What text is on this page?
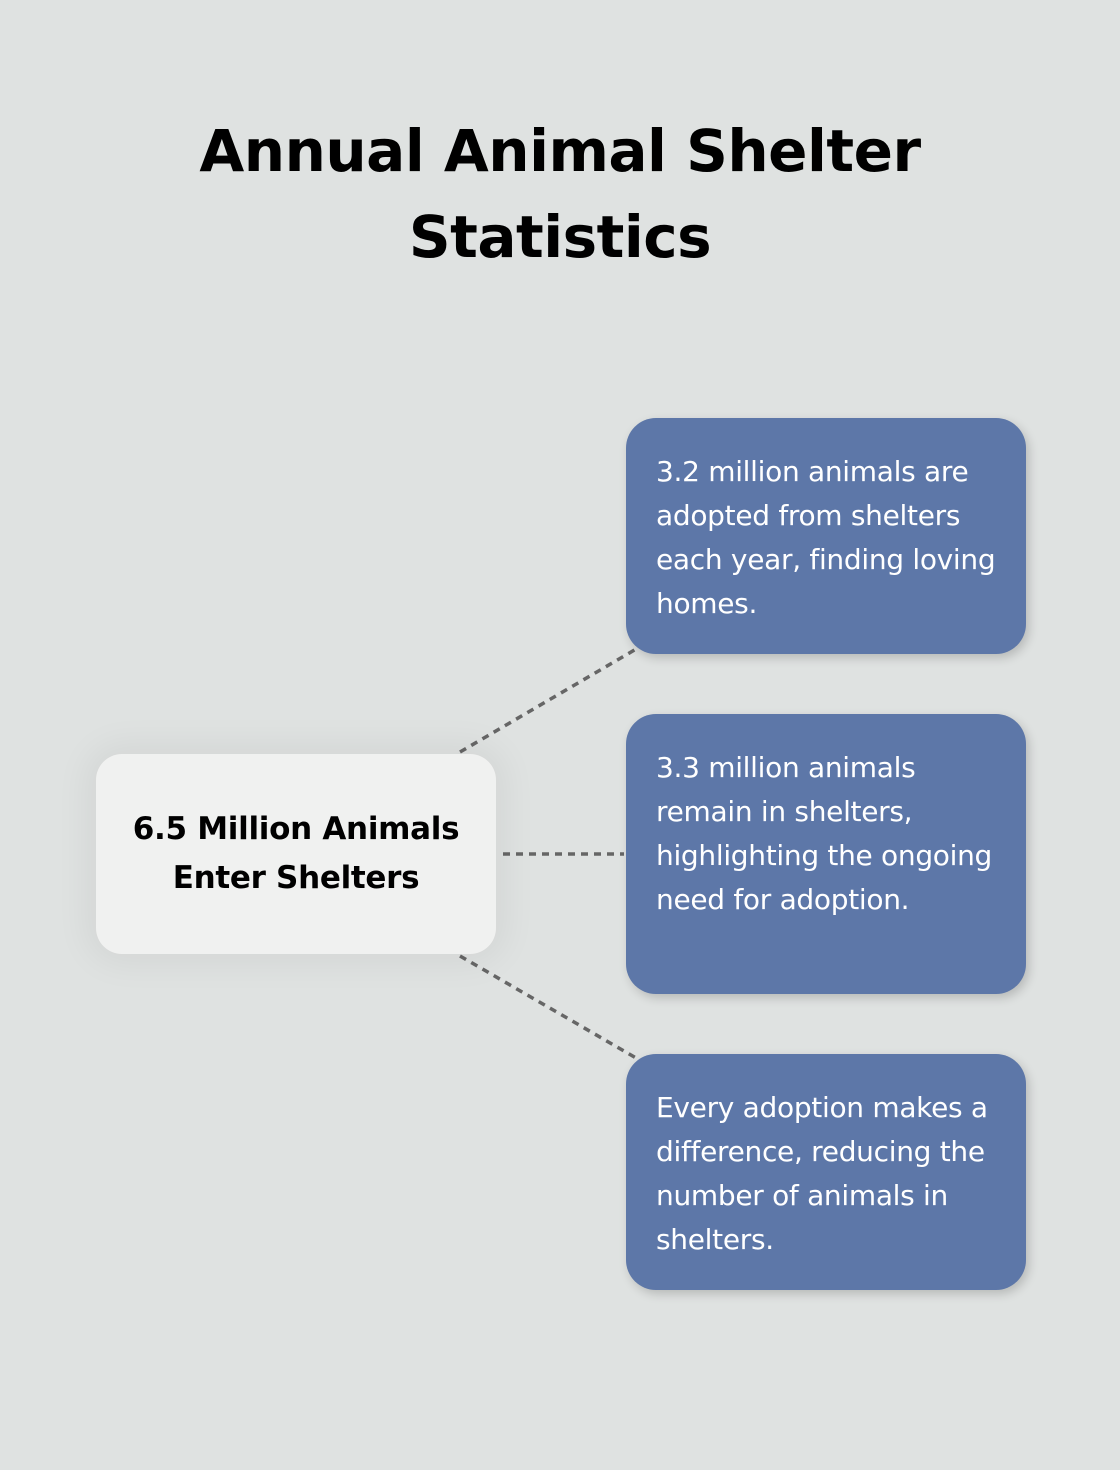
Annual Animal Shelter Statistics
6.5 Million Animals Enter Shelters
3.2 million animals are adopted from shelters each year, finding loving homes.
3.3 million animals remain in shelters, highlighting the ongoing need for adoption.
Every adoption makes a difference, reducing the number of animals in shelters.
